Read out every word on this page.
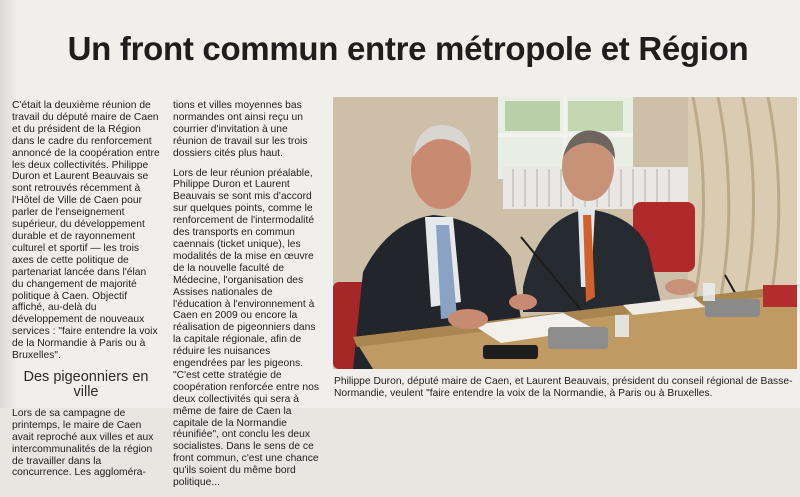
Un front commun entre métropole et Région

C'était la deuxième réunion de travail du député maire de Caen et du président de la Région dans le cadre du renforcement annoncé de la coopération entre les deux collectivités. Philippe Duron et Laurent Beauvais se sont retrouvés récemment à l'Hôtel de Ville de Caen pour parler de l'enseignement supérieur, du développement durable et de rayonnement culturel et sportif — les trois axes de cette politique de partenariat lancée dans l'élan du changement de majorité politique à Caen. Objectif affiché, au-delà du développement de nouveaux services : "faire entendre la voix de la Normandie à Paris ou à Bruxelles".

Des pigeonniers en ville

Lors de sa campagne de printemps, le maire de Caen avait reproché aux villes et aux intercommunalités de la région de travailler dans la concurrence. Les aggloméra-

tions et villes moyennes bas normandes ont ainsi reçu un courrier d'invitation à une réunion de travail sur les trois dossiers cités plus haut.

Lors de leur réunion préalable, Philippe Duron et Laurent Beauvais se sont mis d'accord sur quelques points, comme le renforcement de l'intermodalité des transports en commun caennais (ticket unique), les modalités de la mise en œuvre de la nouvelle faculté de Médecine, l'organisation des Assises nationales de l'éducation à l'environnement à Caen en 2009 ou encore la réalisation de pigeonniers dans la capitale régionale, afin de réduire les nuisances engendrées par les pigeons. "C'est cette stratégie de coopération renforcée entre nos deux collectivités qui sera à même de faire de Caen la capitale de la Normandie réunifiée", ont conclu les deux socialistes. Dans le sens de ce front commun, c'est une chance qu'ils soient du même bord politique...

Philippe Duron, député maire de Caen, et Laurent Beauvais, président du conseil régional de Basse-Normandie, veulent "faire entendre la voix de la Normandie, à Paris ou à Bruxelles.
